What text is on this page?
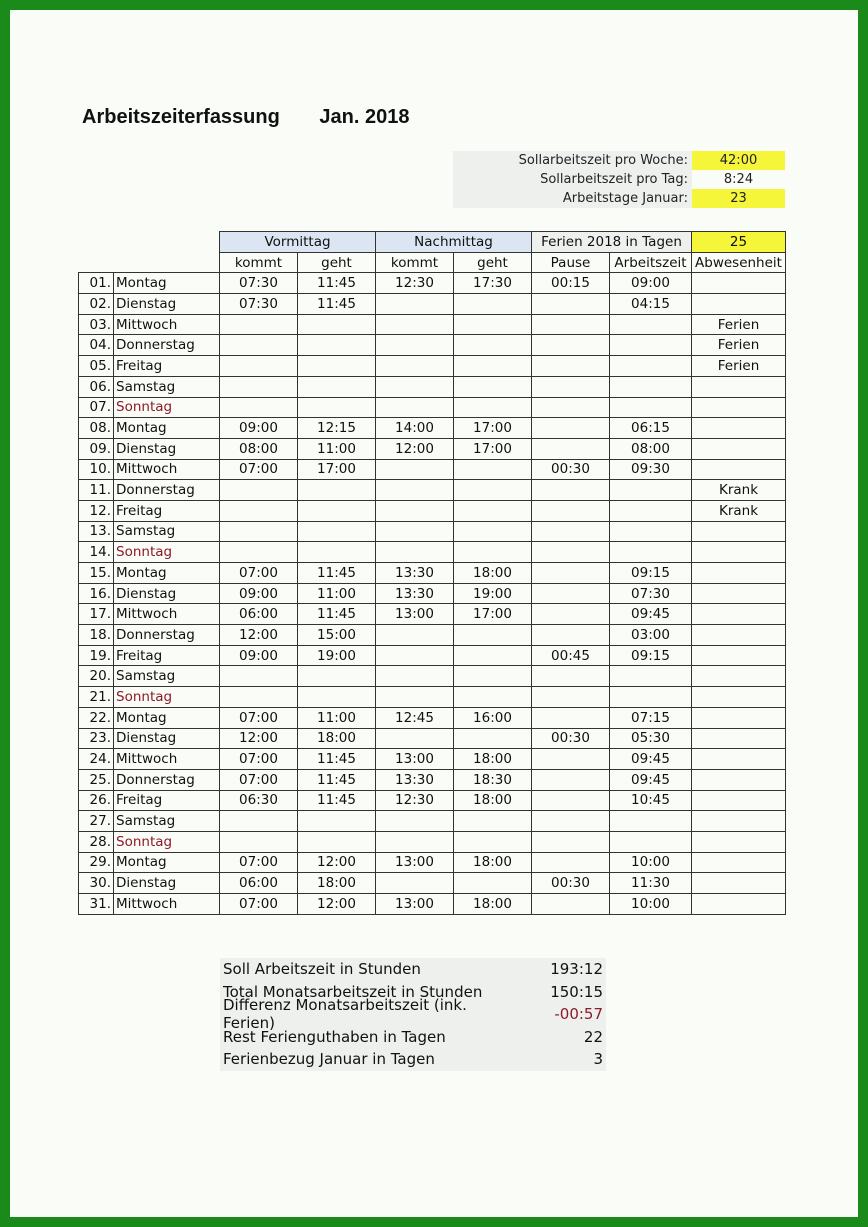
Arbeitszeiterfassung Jan. 2018
Sollarbeitszeit pro Woche:	42:00
Sollarbeitszeit pro Tag:	8:24
Arbeitstage Januar:	23
		Vormittag		Nachmittag		Ferien 2018 in Tagen		25
		kommt	geht	kommt	geht	Pause	Arbeitszeit	Abwesenheit
01.	Montag	07:30	11:45	12:30	17:30	00:15	09:00	
02.	Dienstag	07:30	11:45				04:15	
03.	Mittwoch							Ferien
04.	Donnerstag							Ferien
05.	Freitag							Ferien
06.	Samstag							
07.	Sonntag							
08.	Montag	09:00	12:15	14:00	17:00		06:15	
09.	Dienstag	08:00	11:00	12:00	17:00		08:00	
10.	Mittwoch	07:00	17:00			00:30	09:30	
11.	Donnerstag							Krank
12.	Freitag							Krank
13.	Samstag							
14.	Sonntag							
15.	Montag	07:00	11:45	13:30	18:00		09:15	
16.	Dienstag	09:00	11:00	13:30	19:00		07:30	
17.	Mittwoch	06:00	11:45	13:00	17:00		09:45	
18.	Donnerstag	12:00	15:00				03:00	
19.	Freitag	09:00	19:00			00:45	09:15	
20.	Samstag							
21.	Sonntag							
22.	Montag	07:00	11:00	12:45	16:00		07:15	
23.	Dienstag	12:00	18:00			00:30	05:30	
24.	Mittwoch	07:00	11:45	13:00	18:00		09:45	
25.	Donnerstag	07:00	11:45	13:30	18:30		09:45	
26.	Freitag	06:30	11:45	12:30	18:00		10:45	
27.	Samstag							
28.	Sonntag							
29.	Montag	07:00	12:00	13:00	18:00		10:00	
30.	Dienstag	06:00	18:00			00:30	11:30	
31.	Mittwoch	07:00	12:00	13:00	18:00		10:00	
Soll Arbeitszeit in Stunden	193:12
Total Monatsarbeitszeit in Stunden	150:15
Differenz Monatsarbeitszeit (ink. Ferien)	-00:57
Rest Ferienguthaben in Tagen	22
Ferienbezug Januar in Tagen	3
